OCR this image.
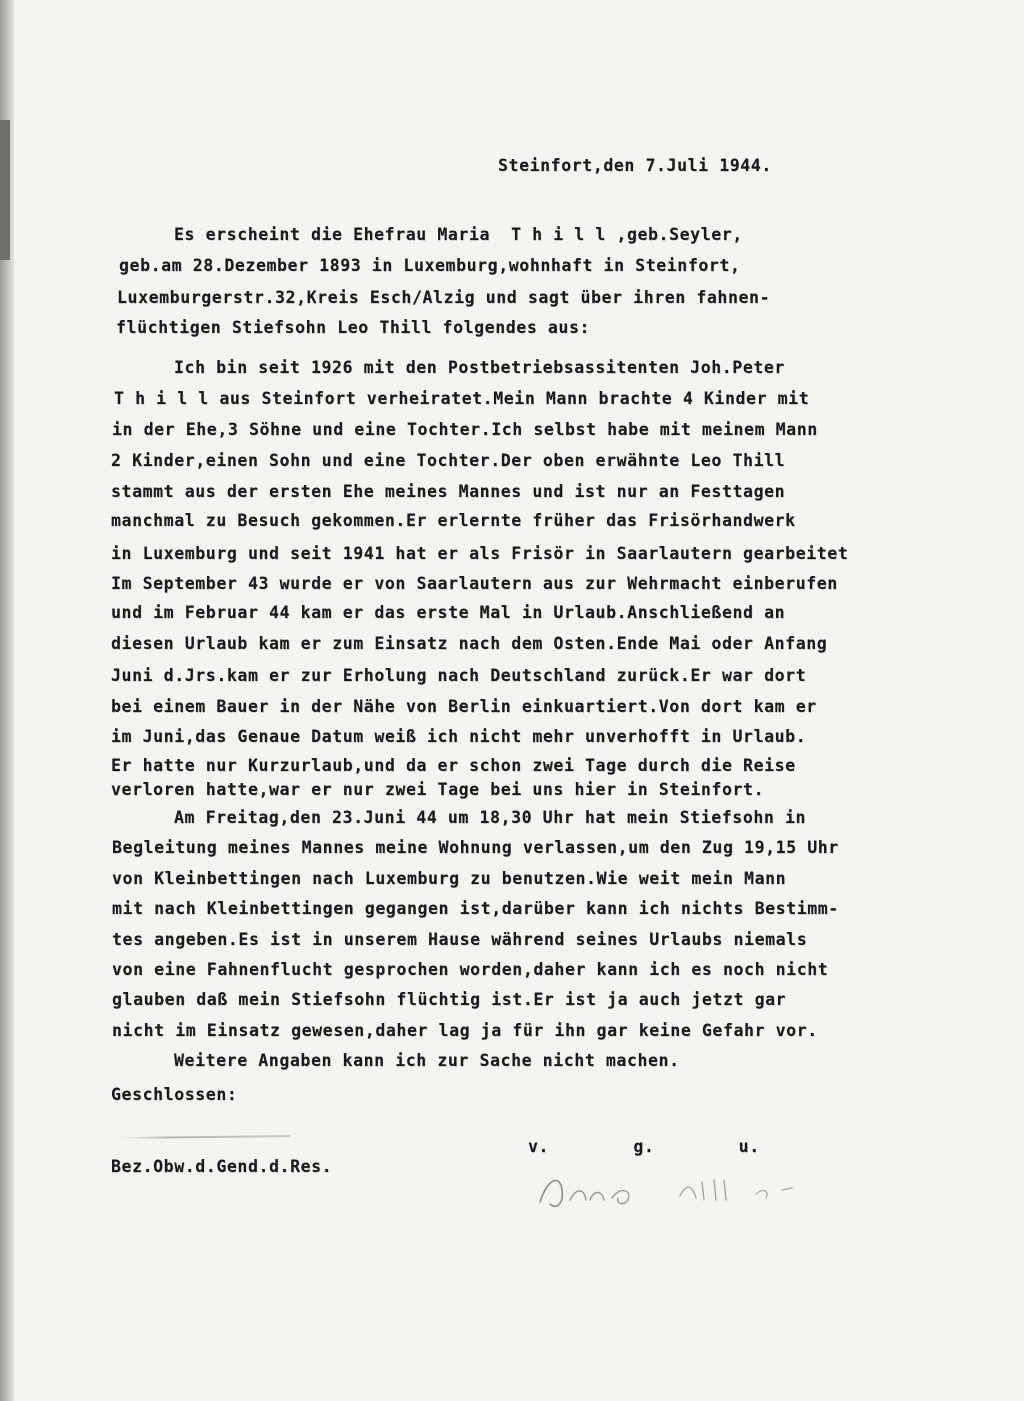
Steinfort,den 7.Juli 1944.
Es erscheint die Ehefrau Maria  T h i l l ,geb.Seyler,
geb.am 28.Dezember 1893 in Luxemburg,wohnhaft in Steinfort,
Luxemburgerstr.32,Kreis Esch/Alzig und sagt über ihren fahnen-
flüchtigen Stiefsohn Leo Thill folgendes aus:
Ich bin seit 1926 mit den Postbetriebsassitenten Joh.Peter
T h i l l aus Steinfort verheiratet.Mein Mann brachte 4 Kinder mit
in der Ehe,3 Söhne und eine Tochter.Ich selbst habe mit meinem Mann
2 Kinder,einen Sohn und eine Tochter.Der oben erwähnte Leo Thill
stammt aus der ersten Ehe meines Mannes und ist nur an Festtagen
manchmal zu Besuch gekommen.Er erlernte früher das Frisörhandwerk
in Luxemburg und seit 1941 hat er als Frisör in Saarlautern gearbeitet
Im September 43 wurde er von Saarlautern aus zur Wehrmacht einberufen
und im Februar 44 kam er das erste Mal in Urlaub.Anschließend an
diesen Urlaub kam er zum Einsatz nach dem Osten.Ende Mai oder Anfang
Juni d.Jrs.kam er zur Erholung nach Deutschland zurück.Er war dort
bei einem Bauer in der Nähe von Berlin einkuartiert.Von dort kam er
im Juni,das Genaue Datum weiß ich nicht mehr unverhofft in Urlaub.
Er hatte nur Kurzurlaub,und da er schon zwei Tage durch die Reise
verloren hatte,war er nur zwei Tage bei uns hier in Steinfort.
Am Freitag,den 23.Juni 44 um 18,30 Uhr hat mein Stiefsohn in
Begleitung meines Mannes meine Wohnung verlassen,um den Zug 19,15 Uhr
von Kleinbettingen nach Luxemburg zu benutzen.Wie weit mein Mann
mit nach Kleinbettingen gegangen ist,darüber kann ich nichts Bestimm-
tes angeben.Es ist in unserem Hause während seines Urlaubs niemals
von eine Fahnenflucht gesprochen worden,daher kann ich es noch nicht
glauben daß mein Stiefsohn flüchtig ist.Er ist ja auch jetzt gar
nicht im Einsatz gewesen,daher lag ja für ihn gar keine Gefahr vor.
Weitere Angaben kann ich zur Sache nicht machen.
Geschlossen:
v.        g.        u.
Bez.Obw.d.Gend.d.Res.
